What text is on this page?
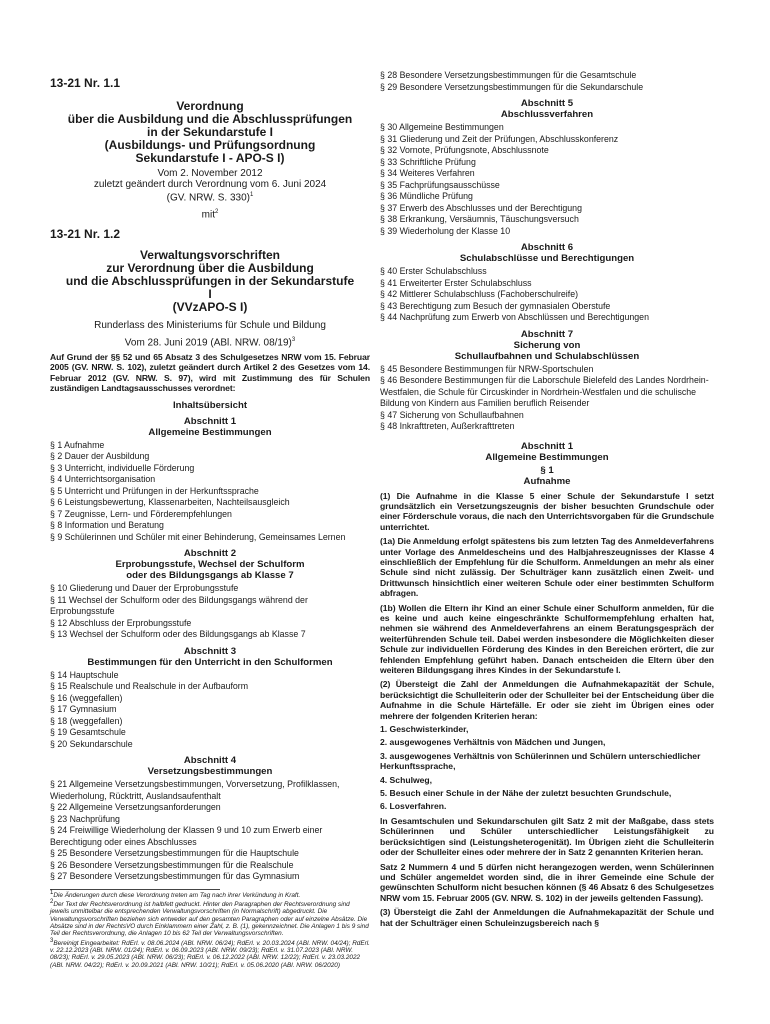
13-21 Nr. 1.1
Verordnung
über die Ausbildung und die Abschlussprüfungen
in der Sekundarstufe I
(Ausbildungs- und Prüfungsordnung
Sekundarstufe I - APO-S I)
Vom 2. November 2012
zuletzt geändert durch Verordnung vom 6. Juni 2024
(GV. NRW. S. 330)$^1$
mit$^2$
13-21 Nr. 1.2
Verwaltungsvorschriften
zur Verordnung über die Ausbildung
und die Abschlussprüfungen in der Sekundarstufe
I
(VVzAPO-S I)
Runderlass des Ministeriums für Schule und Bildung
Vom 28. Juni 2019 (ABl. NRW. 08/19)$^3$
Auf Grund der §§ 52 und 65 Absatz 3 des Schulgesetzes NRW vom 15. Februar 2005 (GV. NRW. S. 102), zuletzt geändert durch Artikel 2 des Gesetzes vom 14. Februar 2012 (GV. NRW. S. 97), wird mit Zustimmung des für Schulen zuständigen Landtagsausschusses verordnet:
Inhaltsübersicht
Abschnitt 1
Allgemeine Bestimmungen
§ 1 Aufnahme
§ 2 Dauer der Ausbildung
§ 3 Unterricht, individuelle Förderung
§ 4 Unterrichtsorganisation
§ 5 Unterricht und Prüfungen in der Herkunftssprache
§ 6 Leistungsbewertung, Klassenarbeiten, Nachteilsausgleich
§ 7 Zeugnisse, Lern- und Förderempfehlungen
§ 8 Information und Beratung
§ 9 Schülerinnen und Schüler mit einer Behinderung, Gemeinsames Lernen
Abschnitt 2
Erprobungsstufe, Wechsel der Schulform
oder des Bildungsgangs ab Klasse 7
§ 10 Gliederung und Dauer der Erprobungsstufe
§ 11 Wechsel der Schulform oder des Bildungsgangs während der Erprobungsstufe
§ 12 Abschluss der Erprobungsstufe
§ 13 Wechsel der Schulform oder des Bildungsgangs ab Klasse 7
Abschnitt 3
Bestimmungen für den Unterricht in den Schulformen
§ 14 Hauptschule
§ 15 Realschule und Realschule in der Aufbauform
§ 16 (weggefallen)
§ 17 Gymnasium
§ 18 (weggefallen)
§ 19 Gesamtschule
§ 20 Sekundarschule
Abschnitt 4
Versetzungsbestimmungen
§ 21 Allgemeine Versetzungsbestimmungen, Vorversetzung, Profilklassen, Wiederholung, Rücktritt, Auslandsaufenthalt
§ 22 Allgemeine Versetzungsanforderungen
§ 23 Nachprüfung
§ 24 Freiwillige Wiederholung der Klassen 9 und 10 zum Erwerb einer Berechtigung oder eines Abschlusses
§ 25 Besondere Versetzungsbestimmungen für die Hauptschule
§ 26 Besondere Versetzungsbestimmungen für die Realschule
§ 27 Besondere Versetzungsbestimmungen für das Gymnasium
1Die Änderungen durch diese Verordnung treten am Tag nach ihrer Verkündung in Kraft.
2Der Text der Rechtsverordnung ist halbfett gedruckt. Hinter den Paragraphen der Rechtsverordnung sind jeweils unmittelbar die entsprechenden Verwaltungsvorschriften (in Normalschrift) abgedruckt. Die Verwaltungsvorschriften beziehen sich entweder auf den gesamten Paragraphen oder auf einzelne Absätze. Die Absätze sind in der RechtsVO durch Einklammern einer Zahl, z. B. (1), gekennzeichnet. Die Anlagen 1 bis 9 sind Teil der Rechtsverordnung, die Anlagen 10 bis 62 Teil der Verwaltungsvorschriften.
3Bereinigt Eingearbeitet: RdErl. v. 08.06.2024 (ABl. NRW. 06/24); RdErl. v. 20.03.2024 (ABl. NRW. 04/24); RdErl. v. 22.12.2023 (ABl. NRW. 01/24); RdErl. v. 06.09.2023 (ABl. NRW. 09/23); RdErl. v. 31.07.2023 (ABl. NRW. 08/23); RdErl. v. 29.05.2023 (ABl. NRW. 06/23); RdErl. v. 06.12.2022 (ABl. NRW. 12/22); RdErl. v. 23.03.2022 (ABl. NRW. 04/22); RdErl. v. 20.09.2021 (ABl. NRW. 10/21); RdErl. v. 05.06.2020 (ABl. NRW. 06/2020)
§ 28 Besondere Versetzungsbestimmungen für die Gesamtschule
§ 29 Besondere Versetzungsbestimmungen für die Sekundarschule
Abschnitt 5
Abschlussverfahren
§ 30 Allgemeine Bestimmungen
§ 31 Gliederung und Zeit der Prüfungen, Abschlusskonferenz
§ 32 Vornote, Prüfungsnote, Abschlussnote
§ 33 Schriftliche Prüfung
§ 34 Weiteres Verfahren
§ 35 Fachprüfungsausschüsse
§ 36 Mündliche Prüfung
§ 37 Erwerb des Abschlusses und der Berechtigung
§ 38 Erkrankung, Versäumnis, Täuschungsversuch
§ 39 Wiederholung der Klasse 10
Abschnitt 6
Schulabschlüsse und Berechtigungen
§ 40 Erster Schulabschluss
§ 41 Erweiterter Erster Schulabschluss
§ 42 Mittlerer Schulabschluss (Fachoberschulreife)
§ 43 Berechtigung zum Besuch der gymnasialen Oberstufe
§ 44 Nachprüfung zum Erwerb von Abschlüssen und Berechtigungen
Abschnitt 7
Sicherung von
Schullaufbahnen und Schulabschlüssen
§ 45 Besondere Bestimmungen für NRW-Sportschulen
§ 46 Besondere Bestimmungen für die Laborschule Bielefeld des Landes Nordrhein-Westfalen, die Schule für Circuskinder in Nordrhein-Westfalen und die schulische Bildung von Kindern aus Familien beruflich Reisender
§ 47 Sicherung von Schullaufbahnen
§ 48 Inkrafttreten, Außerkrafttreten
Abschnitt 1
Allgemeine Bestimmungen
§ 1
Aufnahme
(1) Die Aufnahme in die Klasse 5 einer Schule der Sekundarstufe I setzt grundsätzlich ein Versetzungszeugnis der bisher besuchten Grundschule oder einer Förderschule voraus, die nach den Unterrichtsvorgaben für die Grundschule unterrichtet.
(1a) Die Anmeldung erfolgt spätestens bis zum letzten Tag des Anmeldeverfahrens unter Vorlage des Anmeldescheins und des Halbjahreszeugnisses der Klasse 4 einschließlich der Empfehlung für die Schulform. Anmeldungen an mehr als einer Schule sind nicht zulässig. Der Schulträger kann zusätzlich einen Zweit- und Drittwunsch hinsichtlich einer weiteren Schule oder einer bestimmten Schulform abfragen.
(1b) Wollen die Eltern ihr Kind an einer Schule einer Schulform anmelden, für die es keine und auch keine eingeschränkte Schulformempfehlung erhalten hat, nehmen sie während des Anmeldeverfahrens an einem Beratungsgespräch der weiterführenden Schule teil. Dabei werden insbesondere die Möglichkeiten dieser Schule zur individuellen Förderung des Kindes in den Bereichen erörtert, die zur fehlenden Empfehlung geführt haben. Danach entscheiden die Eltern über den weiteren Bildungsgang ihres Kindes in der Sekundarstufe I.
(2) Übersteigt die Zahl der Anmeldungen die Aufnahmekapazität der Schule, berücksichtigt die Schulleiterin oder der Schulleiter bei der Entscheidung über die Aufnahme in die Schule Härtefälle. Er oder sie zieht im Übrigen eines oder mehrere der folgenden Kriterien heran:
1. Geschwisterkinder,
2. ausgewogenes Verhältnis von Mädchen und Jungen,
3. ausgewogenes Verhältnis von Schülerinnen und Schülern unterschiedlicher Herkunftssprache,
4. Schulweg,
5. Besuch einer Schule in der Nähe der zuletzt besuchten Grundschule,
6. Losverfahren.
In Gesamtschulen und Sekundarschulen gilt Satz 2 mit der Maßgabe, dass stets Schülerinnen und Schüler unterschiedlicher Leistungsfähigkeit zu berücksichtigen sind (Leistungsheterogenität). Im Übrigen zieht die Schulleiterin oder der Schulleiter eines oder mehrere der in Satz 2 genannten Kriterien heran.
Satz 2 Nummern 4 und 5 dürfen nicht herangezogen werden, wenn Schülerinnen und Schüler angemeldet worden sind, die in ihrer Gemeinde eine Schule der gewünschten Schulform nicht besuchen können (§ 46 Absatz 6 des Schulgesetzes NRW vom 15. Februar 2005 (GV. NRW. S. 102) in der jeweils geltenden Fassung).
(3) Übersteigt die Zahl der Anmeldungen die Aufnahmekapazität der Schule und hat der Schulträger einen Schuleinzugsbereich nach §
